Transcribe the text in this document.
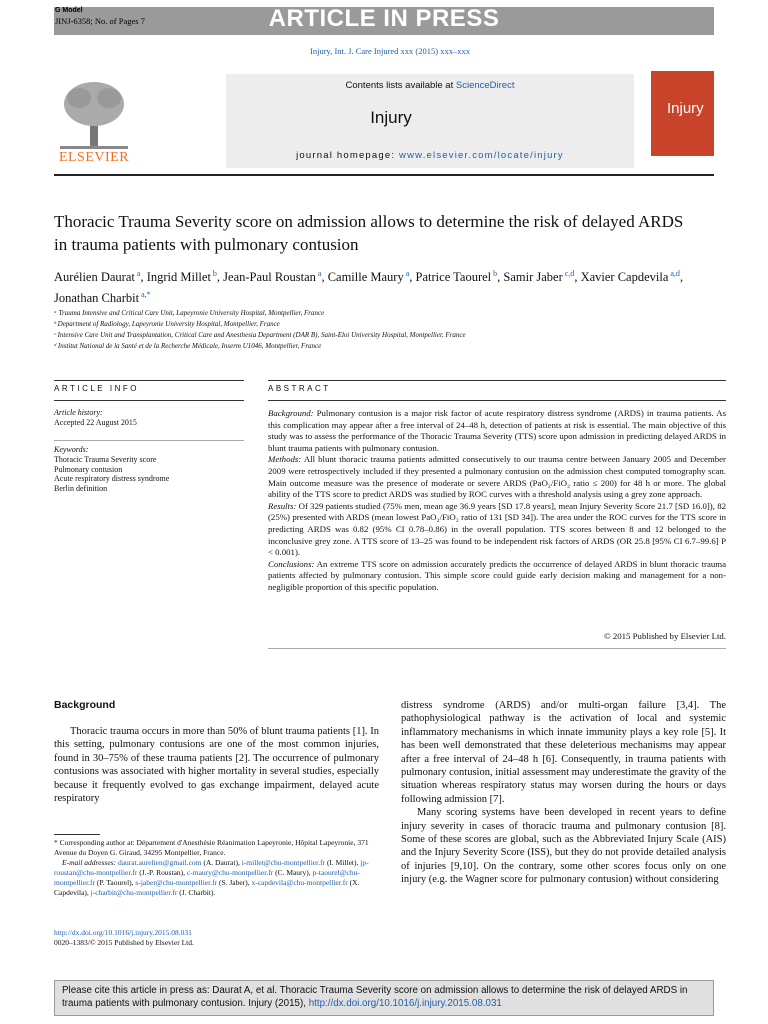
G Model
JINJ-6358; No. of Pages 7	ARTICLE IN PRESS
Injury, Int. J. Care Injured xxx (2015) xxx–xxx
Contents lists available at ScienceDirect
Injury
journal homepage: www.elsevier.com/locate/injury
ELSEVIER
Injury
Thoracic Trauma Severity score on admission allows to determine the risk of delayed ARDS in trauma patients with pulmonary contusion
Aurélien Daurat $^a$, Ingrid Millet $^b$, Jean-Paul Roustan $^a$, Camille Maury $^a$, Patrice Taourel $^b$, Samir Jaber $^{c,d}$, Xavier Capdevila $^{a,d}$, Jonathan Charbit $^{a,*}$
ᵃ Trauma Intensive and Critical Care Unit, Lapeyronie University Hospital, Montpellier, France
ᵇ Department of Radiology, Lapeyronie University Hospital, Montpellier, France
ᶜ Intensive Care Unit and Transplantation, Critical Care and Anesthesia Department (DAR B), Saint-Eloi University Hospital, Montpellier, France
ᵈ Institut National de la Santé et de la Recherche Médicale, Inserm U1046, Montpellier, France
ARTICLE INFO
Article history:
Accepted 22 August 2015
Keywords:
Thoracic Trauma Severity score
Pulmonary contusion
Acute respiratory distress syndrome
Berlin definition
ABSTRACT

Background: Pulmonary contusion is a major risk factor of acute respiratory distress syndrome (ARDS) in trauma patients. As this complication may appear after a free interval of 24–48 h, detection of patients at risk is essential. The main objective of this study was to assess the performance of the Thoracic Trauma Severity (TTS) score upon admission in predicting delayed ARDS in blunt trauma patients with pulmonary contusion.

Methods: All blunt thoracic trauma patients admitted consecutively to our trauma centre between January 2005 and December 2009 were retrospectively included if they presented a pulmonary contusion on the admission chest computed tomography scan. Main outcome measure was the presence of moderate or severe ARDS (PaO₂/FiO₂ ratio ≤ 200) for 48 h or more. The global ability of the TTS score to predict ARDS was studied by ROC curves with a threshold analysis using a grey zone approach.

Results: Of 329 patients studied (75% men, mean age 36.9 years [SD 17.8 years], mean Injury Severity Score 21.7 [SD 16.0]), 82 (25%) presented with ARDS (mean lowest PaO₂/FiO₂ ratio of 131 [SD 34]). The area under the ROC curves for the TTS score in predicting ARDS was 0.82 (95% CI 0.78–0.86) in the overall population. TTS scores between 8 and 12 belonged to the inconclusive grey zone. A TTS score of 13–25 was found to be independent risk factors of ARDS (OR 25.8 [95% CI 6.7–99.6] P < 0.001).

Conclusions: An extreme TTS score on admission accurately predicts the occurrence of delayed ARDS in blunt thoracic trauma patients affected by pulmonary contusion. This simple score could guide early decision making and management for a non-negligible proportion of this specific population.

© 2015 Published by Elsevier Ltd.
Background

Thoracic trauma occurs in more than 50% of blunt trauma patients [1]. In this setting, pulmonary contusions are one of the most common injuries, found in 30–75% of these trauma patients [2]. The occurrence of pulmonary contusions was associated with higher mortality in several studies, especially because it frequently evolved to gas exchange impairment, delayed acute respiratory

distress syndrome (ARDS) and/or multi-organ failure [3,4]. The pathophysiological pathway is the activation of local and systemic inflammatory mechanisms in which innate immunity plays a key role [5]. It has been well demonstrated that these deleterious mechanisms may appear after a free interval of 24–48 h [6]. Consequently, in trauma patients with pulmonary contusion, initial assessment may underestimate the gravity of the situation whereas respiratory status may worsen during the hours or days following admission [7].

Many scoring systems have been developed in recent years to define injury severity in cases of thoracic trauma and pulmonary contusion [8]. Some of these scores are global, such as the Abbreviated Injury Scale (AIS) and the Injury Severity Score (ISS), but they do not provide detailed analysis of injuries [9,10]. On the contrary, some other scores focus only on one injury (e.g. the Wagner score for pulmonary contusion) without considering

* Corresponding author at: Département d'Anesthésie Réanimation Lapeyronie, Hôpital Lapeyronie, 371 Avenue du Doyen G. Giraud, 34295 Montpellier, France.
E-mail addresses: daurat.aurelien@gmail.com (A. Daurat), i-millet@chu-montpellier.fr (I. Millet), jp-roustan@chu-montpellier.fr (J.-P. Roustan), c-maury@chu-montpellier.fr (C. Maury), p-taourel@chu-montpellier.fr (P. Taourel), s-jaber@chu-montpellier.fr (S. Jaber), x-capdevila@chu-montpellier.fr (X. Capdevila), j-charbit@chu-montpellier.fr (J. Charbit).
http://dx.doi.org/10.1016/j.injury.2015.08.031
0020–1383/© 2015 Published by Elsevier Ltd.
Please cite this article in press as: Daurat A, et al. Thoracic Trauma Severity score on admission allows to determine the risk of delayed ARDS in trauma patients with pulmonary contusion. Injury (2015), http://dx.doi.org/10.1016/j.injury.2015.08.031
